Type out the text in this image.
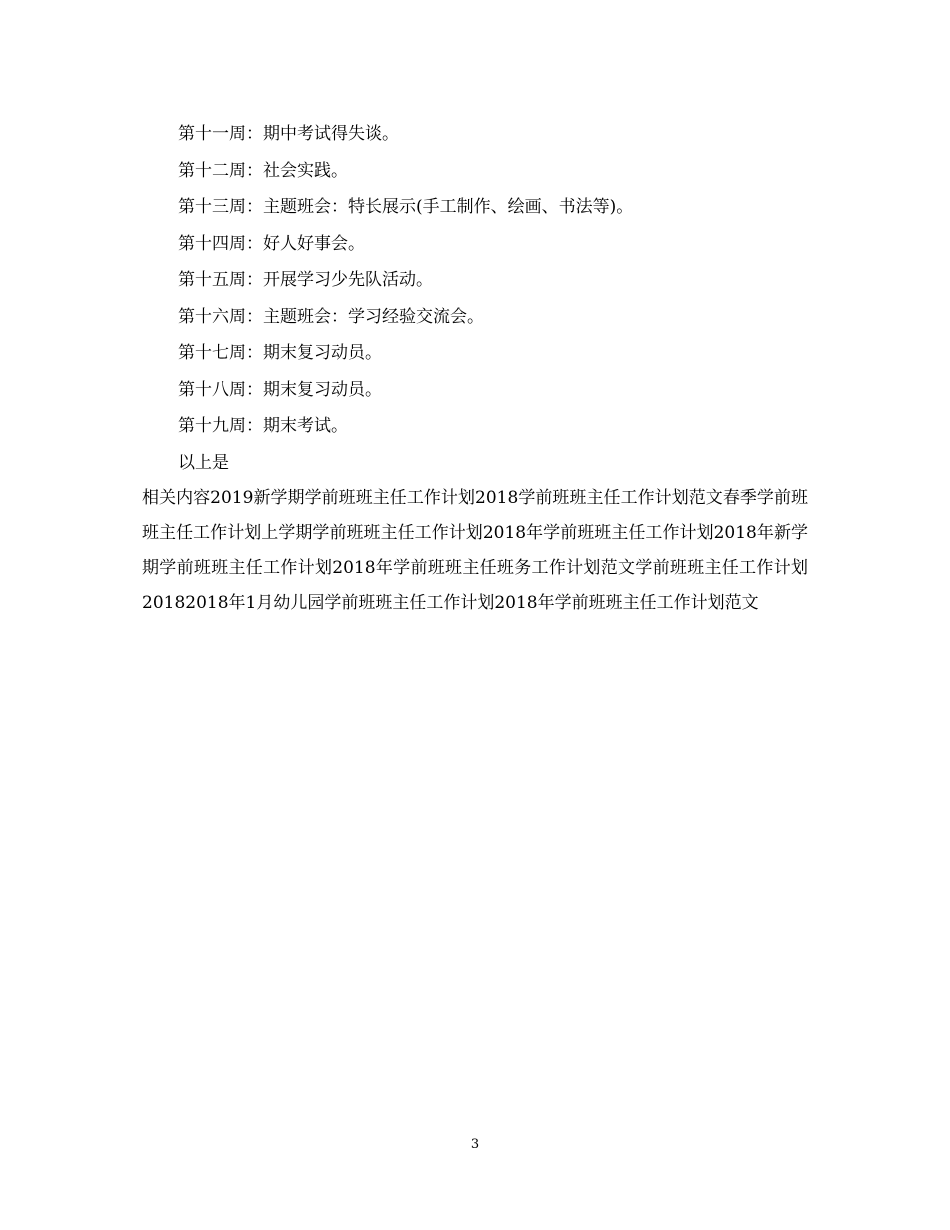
第十一周：期中考试得失谈。
第十二周：社会实践。
第十三周：主题班会：特长展示(手工制作、绘画、书法等)。
第十四周：好人好事会。
第十五周：开展学习少先队活动。
第十六周：主题班会：学习经验交流会。
第十七周：期末复习动员。
第十八周：期末复习动员。
第十九周：期末考试。
以上是
相关内容2019新学期学前班班主任工作计划2018学前班班主任工作计划范文春季学前班班主任工作计划上学期学前班班主任工作计划2018年学前班班主任工作计划2018年新学期学前班班主任工作计划2018年学前班班主任班务工作计划范文学前班班主任工作计划20182018年1月幼儿园学前班班主任工作计划2018年学前班班主任工作计划范文
3
